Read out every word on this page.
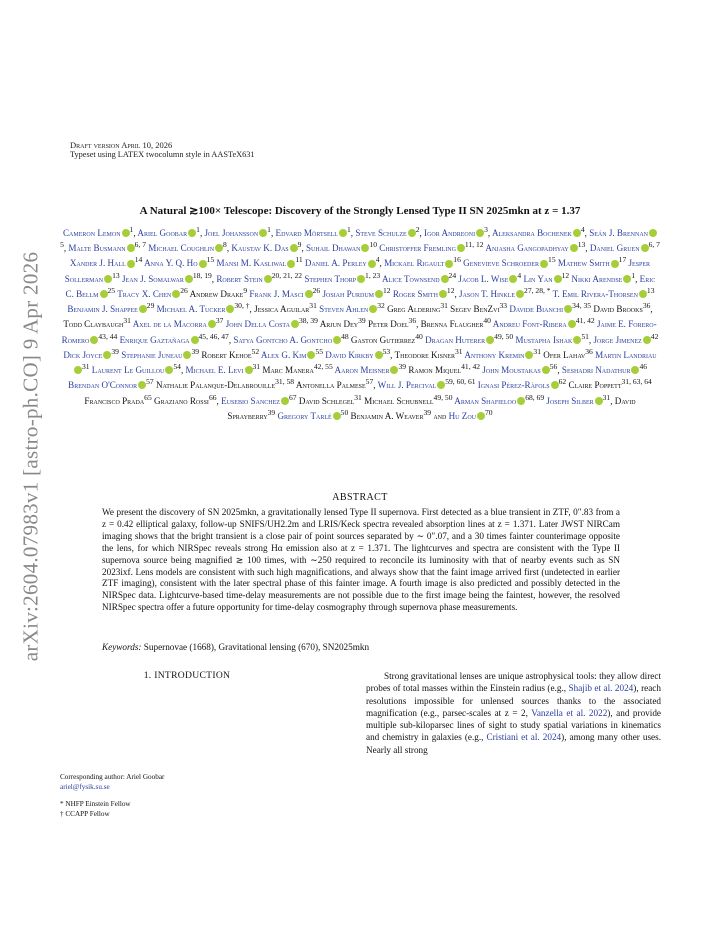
arXiv:2604.07983v1 [astro-ph.CO] 9 Apr 2026
Draft version April 10, 2026
Typeset using LATEX twocolumn style in AASTeX631
A Natural ≳100× Telescope: Discovery of the Strongly Lensed Type II SN 2025mkn at z = 1.37
Cameron Lemon $^1$, Ariel Goobar $^1$, Joel Johansson $^1$, Edvard Mörtsell $^1$, Steve Schulze $^2$, Igor Andreoni $^3$, Aleksandra Bochenek $^4$, Seán J. Brennan$^5$, Malte Busmann $^{6, 7}$ Michael Coughlin $^8$, Kaustav K. Das $^9$, Suhail Dhawan $^{10}$ Christoffer Fremling $^{11, 12}$ Anjasha Gangopadhyay $^{13}$, Daniel Gruen $^{6, 7}$ Xander J. Hall $^{14}$ Anna Y. Q. Ho $^{15}$ Mansi M. Kasliwal $^{11}$ Daniel A. Perley $^4$, Mickael Rigault $^{16}$ Genevieve Schroeder $^{15}$ Mathew Smith $^{17}$ Jesper Sollerman $^{13}$ Jean J. Somalwar $^{18, 19}$, Robert Stein $^{20, 21, 22}$ Stephen Thorp $^{1, 23}$ Alice Townsend $^{24}$ Jacob L. Wise $^4$ Lin Yan $^{12}$ Nikki Arendse $^1$, Eric C. Bellm $^{25}$ Tracy X. Chen $^{26}$ Andrew Drake$^9$ Frank J. Masci $^{26}$ Josiah Purdum $^{12}$ Roger Smith $^{12}$, Jason T. Hinkle $^{27, 28, *}$ T. Emil Rivera-Thorsen $^{13}$ Benjamin J. Shappee $^{29}$ Michael A. Tucker $^{30, \dagger}$, Jessica Aguilar$^{31}$ Steven Ahlen $^{32}$ Greg Aldering$^{31}$ Segev BenZvi$^{33}$ Davide Bianchi $^{34, 35}$ David Brooks$^{36}$, Todd Claybaugh$^{31}$ Axel de la Macorra $^{37}$ John Della Costa $^{38, 39}$ Arjun Dey$^{39}$ Peter Doel$^{36}$, Brenna Flaugher$^{40}$ Andreu Font-Ribera $^{41, 42}$ Jaime E. Forero-Romero $^{43, 44}$ Enrique Gaztañaga $^{45, 46, 47}$, Satya Gontcho A. Gontcho $^{48}$ Gaston Gutierrez$^{40}$ Dragan Huterer $^{49, 50}$ Mustapha Ishak $^{51}$, Jorge Jimenez $^{42}$ Dick Joyce $^{39}$ Stephanie Juneau $^{39}$ Robert Kehoe$^{52}$ Alex G. Kim $^{55}$ David Kirkby $^{53}$, Theodore Kisner$^{31}$ Anthony Kremin $^{31}$ Ofer Lahav$^{36}$ Martin Landriau$^{31}$ Laurent Le Guillou $^{54}$, Michael E. Levi $^{31}$ Marc Manera$^{42, 55}$ Aaron Meisner $^{39}$ Ramon Miquel$^{41, 42}$ John Moustakas $^{56}$, Seshadri Nadathur $^{46}$ Brendan O'Connor $^{57}$ Nathalie Palanque-Delabrouille$^{31, 58}$ Antonella Palmese$^{57}$, Will J. Percival $^{59, 60, 61}$ Ignasi Pérez-Ràfols $^{62}$ Claire Poppett$^{31, 63, 64}$ Francisco Prada$^{65}$ Graziano Rossi$^{66}$, Eusebio Sanchez $^{67}$ David Schlegel$^{31}$ Michael Schubnell$^{49, 50}$ Arman Shafieloo $^{68, 69}$ Joseph Silber $^{31}$, David Sprayberry$^{39}$ Gregory Tarlé $^{50}$ Benjamin A. Weaver$^{39}$ and Hu Zou $^{70}$
ABSTRACT
We present the discovery of SN 2025mkn, a gravitationally lensed Type II supernova. First detected as a blue transient in ZTF, 0″.83 from a z = 0.42 elliptical galaxy, follow-up SNIFS/UH2.2m and LRIS/Keck spectra revealed absorption lines at z = 1.371. Later JWST NIRCam imaging shows that the bright transient is a close pair of point sources separated by ∼ 0″.07, and a 30 times fainter counterimage opposite the lens, for which NIRSpec reveals strong Hα emission also at z = 1.371. The lightcurves and spectra are consistent with the Type II supernova source being magnified ≳ 100 times, with ∼250 required to reconcile its luminosity with that of nearby events such as SN 2023ixf. Lens models are consistent with such high magnifications, and always show that the faint image arrived first (undetected in earlier ZTF imaging), consistent with the later spectral phase of this fainter image. A fourth image is also predicted and possibly detected in the NIRSpec data. Lightcurve-based time-delay measurements are not possible due to the first image being the faintest, however, the resolved NIRSpec spectra offer a future opportunity for time-delay cosmography through supernova phase measurements.
Keywords: Supernovae (1668), Gravitational lensing (670), SN2025mkn
1. INTRODUCTION
Corresponding author: Ariel Goobar
ariel@fysik.su.se
* NHFP Einstein Fellow
† CCAPP Fellow
Strong gravitational lenses are unique astrophysical tools: they allow direct probes of total masses within the Einstein radius (e.g., Shajib et al. 2024), reach resolutions impossible for unlensed sources thanks to the associated magnification (e.g., parsec-scales at z = 2, Vanzella et al. 2022), and provide multiple sub-kiloparsec lines of sight to study spatial variations in kinematics and chemistry in galaxies (e.g., Cristiani et al. 2024), among many other uses. Nearly all strong
